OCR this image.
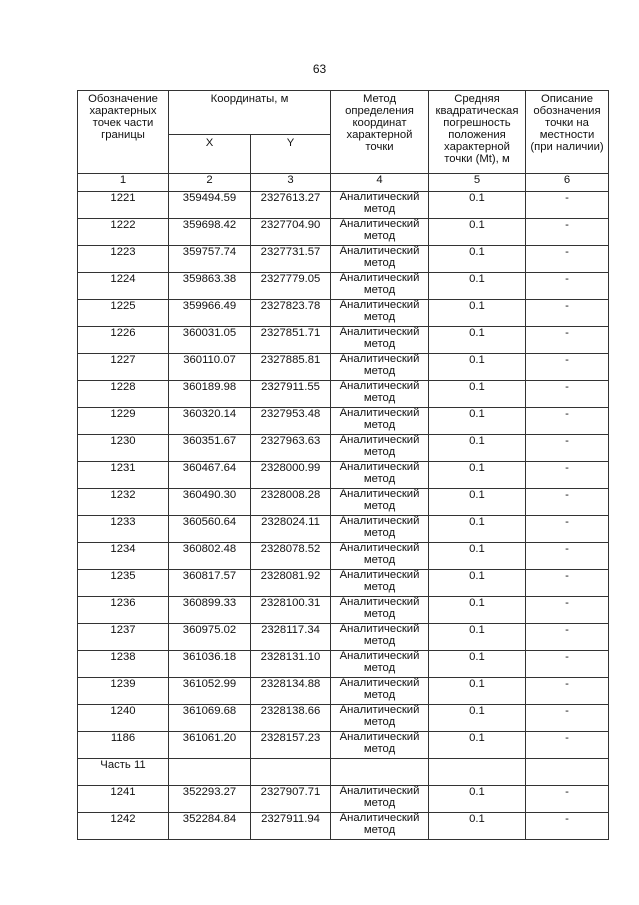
63
Обозначение характерных точек части границы	Координаты, м		Метод определения координат характерной точки	Средняя квадратическая погрешность положения характерной точки (Mt), м	Описание обозначения точки на местности (при наличии)
	X	Y			
1	2	3	4	5	6
1221	359494.59	2327613.27	Аналитический метод	0.1	-
1222	359698.42	2327704.90	Аналитический метод	0.1	-
1223	359757.74	2327731.57	Аналитический метод	0.1	-
1224	359863.38	2327779.05	Аналитический метод	0.1	-
1225	359966.49	2327823.78	Аналитический метод	0.1	-
1226	360031.05	2327851.71	Аналитический метод	0.1	-
1227	360110.07	2327885.81	Аналитический метод	0.1	-
1228	360189.98	2327911.55	Аналитический метод	0.1	-
1229	360320.14	2327953.48	Аналитический метод	0.1	-
1230	360351.67	2327963.63	Аналитический метод	0.1	-
1231	360467.64	2328000.99	Аналитический метод	0.1	-
1232	360490.30	2328008.28	Аналитический метод	0.1	-
1233	360560.64	2328024.11	Аналитический метод	0.1	-
1234	360802.48	2328078.52	Аналитический метод	0.1	-
1235	360817.57	2328081.92	Аналитический метод	0.1	-
1236	360899.33	2328100.31	Аналитический метод	0.1	-
1237	360975.02	2328117.34	Аналитический метод	0.1	-
1238	361036.18	2328131.10	Аналитический метод	0.1	-
1239	361052.99	2328134.88	Аналитический метод	0.1	-
1240	361069.68	2328138.66	Аналитический метод	0.1	-
1186	361061.20	2328157.23	Аналитический метод	0.1	-
Часть 11					
1241	352293.27	2327907.71	Аналитический метод	0.1	-
1242	352284.84	2327911.94	Аналитический метод	0.1	-
